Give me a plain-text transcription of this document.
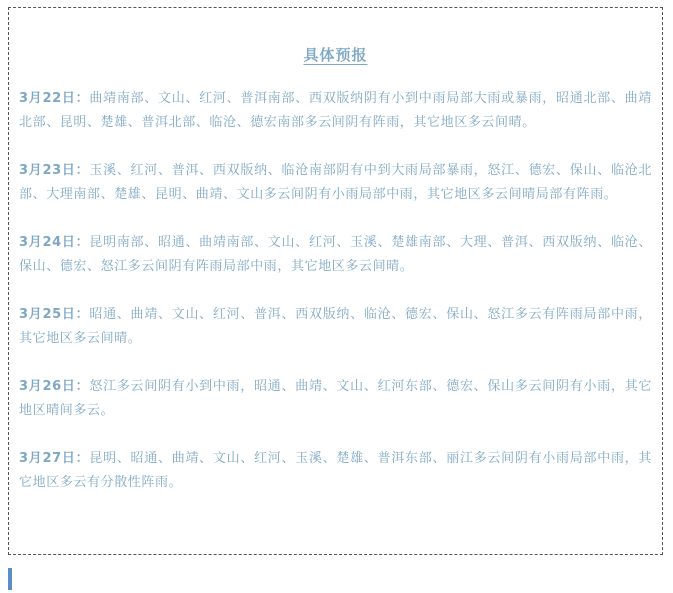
具体预报

3月22日：曲靖南部、文山、红河、普洱南部、西双版纳阴有小到中雨局部大雨或暴雨，昭通北部、曲靖北部、昆明、楚雄、普洱北部、临沧、德宏南部多云间阴有阵雨，其它地区多云间晴。

3月23日：玉溪、红河、普洱、西双版纳、临沧南部阴有中到大雨局部暴雨，怒江、德宏、保山、临沧北部、大理南部、楚雄、昆明、曲靖、文山多云间阴有小雨局部中雨，其它地区多云间晴局部有阵雨。

3月24日：昆明南部、昭通、曲靖南部、文山、红河、玉溪、楚雄南部、大理、普洱、西双版纳、临沧、保山、德宏、怒江多云间阴有阵雨局部中雨，其它地区多云间晴。

3月25日：昭通、曲靖、文山、红河、普洱、西双版纳、临沧、德宏、保山、怒江多云有阵雨局部中雨，其它地区多云间晴。

3月26日：怒江多云间阴有小到中雨，昭通、曲靖、文山、红河东部、德宏、保山多云间阴有小雨，其它地区晴间多云。

3月27日：昆明、昭通、曲靖、文山、红河、玉溪、楚雄、普洱东部、丽江多云间阴有小雨局部中雨，其它地区多云有分散性阵雨。
